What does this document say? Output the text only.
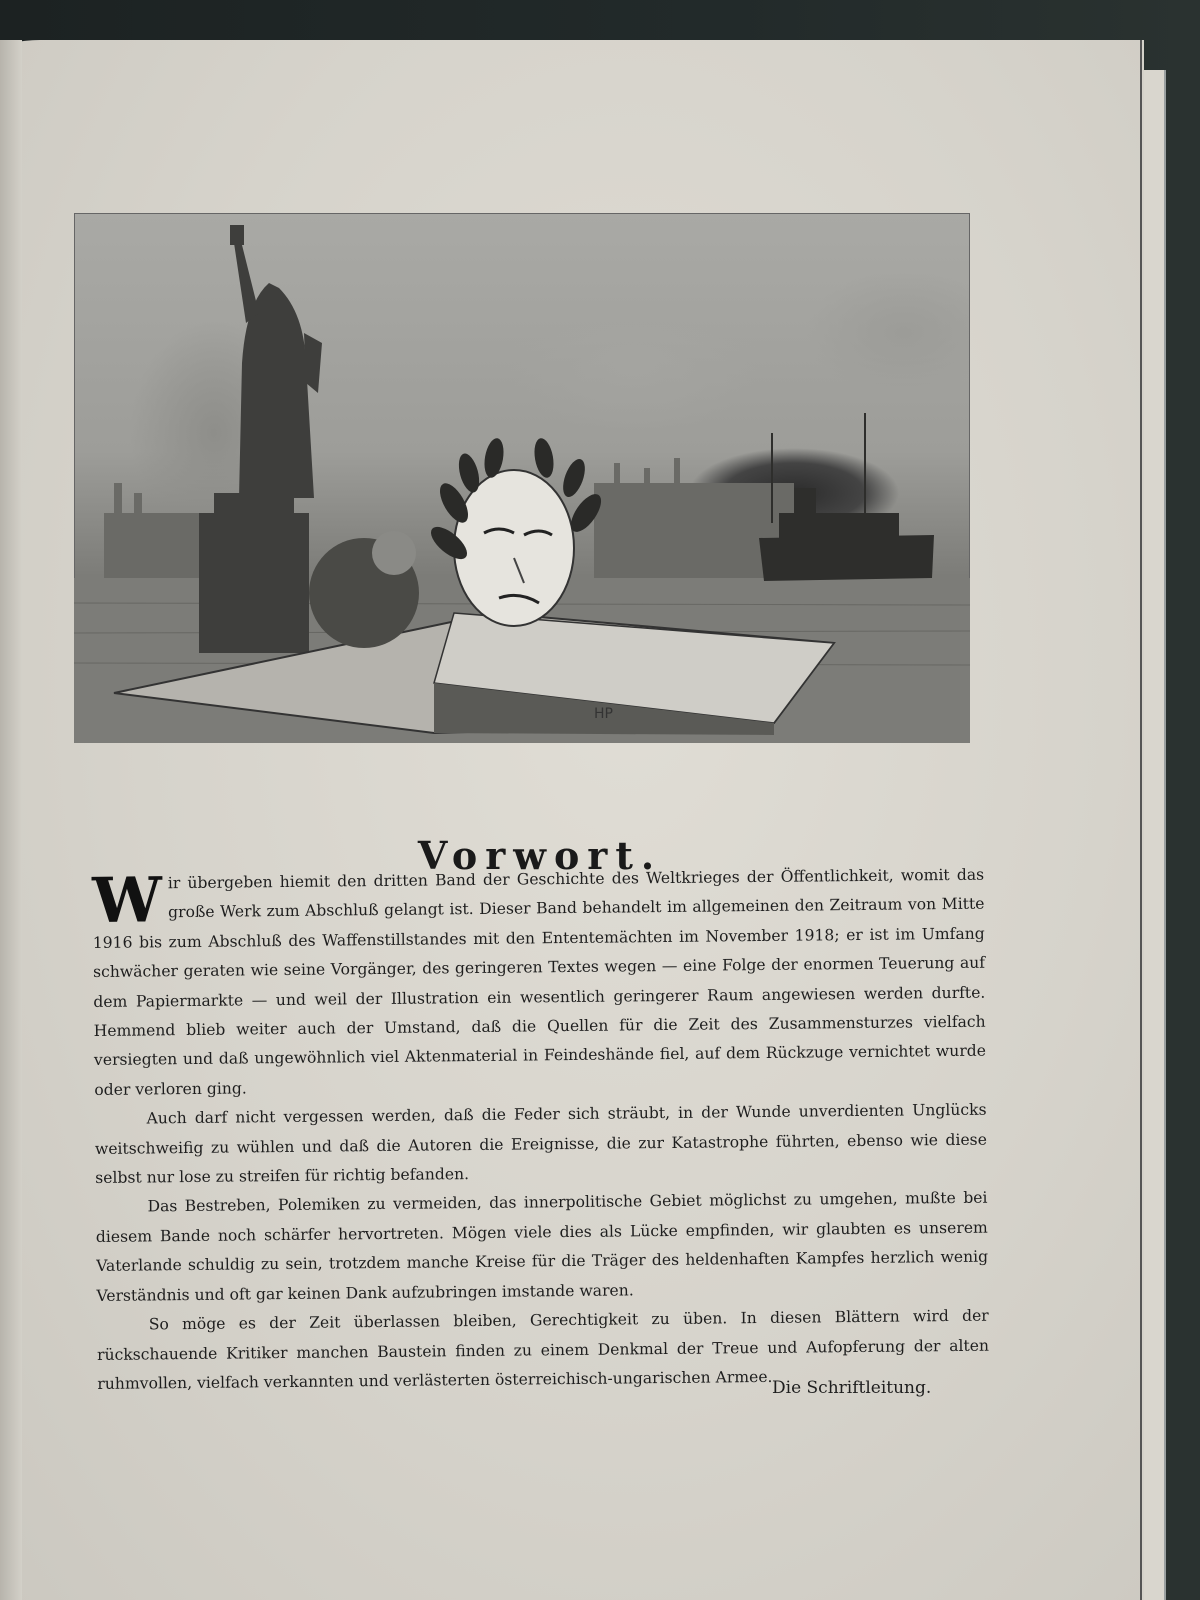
HP
Vorwort.

Wir übergeben hiemit den dritten Band der Geschichte des Weltkrieges der Öffentlichkeit, womit das große Werk zum Abschluß gelangt ist. Dieser Band behandelt im allgemeinen den Zeitraum von Mitte 1916 bis zum Abschluß des Waffenstillstandes mit den Ententemächten im November 1918; er ist im Umfang schwächer geraten wie seine Vorgänger, des geringeren Textes wegen — eine Folge der enormen Teuerung auf dem Papiermarkte — und weil der Illustration ein wesentlich geringerer Raum angewiesen werden durfte. Hemmend blieb weiter auch der Umstand, daß die Quellen für die Zeit des Zusammensturzes vielfach versiegten und daß ungewöhnlich viel Aktenmaterial in Feindeshände fiel, auf dem Rückzuge vernichtet wurde oder verloren ging.

Auch darf nicht vergessen werden, daß die Feder sich sträubt, in der Wunde unverdienten Unglücks weitschweifig zu wühlen und daß die Autoren die Ereignisse, die zur Katastrophe führten, ebenso wie diese selbst nur lose zu streifen für richtig befanden.

Das Bestreben, Polemiken zu vermeiden, das innerpolitische Gebiet möglichst zu umgehen, mußte bei diesem Bande noch schärfer hervortreten. Mögen viele dies als Lücke empfinden, wir glaubten es unserem Vaterlande schuldig zu sein, trotzdem manche Kreise für die Träger des heldenhaften Kampfes herzlich wenig Verständnis und oft gar keinen Dank aufzubringen imstande waren.

So möge es der Zeit überlassen bleiben, Gerechtigkeit zu üben. In diesen Blättern wird der rückschauende Kritiker manchen Baustein finden zu einem Denkmal der Treue und Aufopferung der alten ruhmvollen, vielfach verkannten und verlästerten österreichisch-ungarischen Armee. Die Schriftleitung.
